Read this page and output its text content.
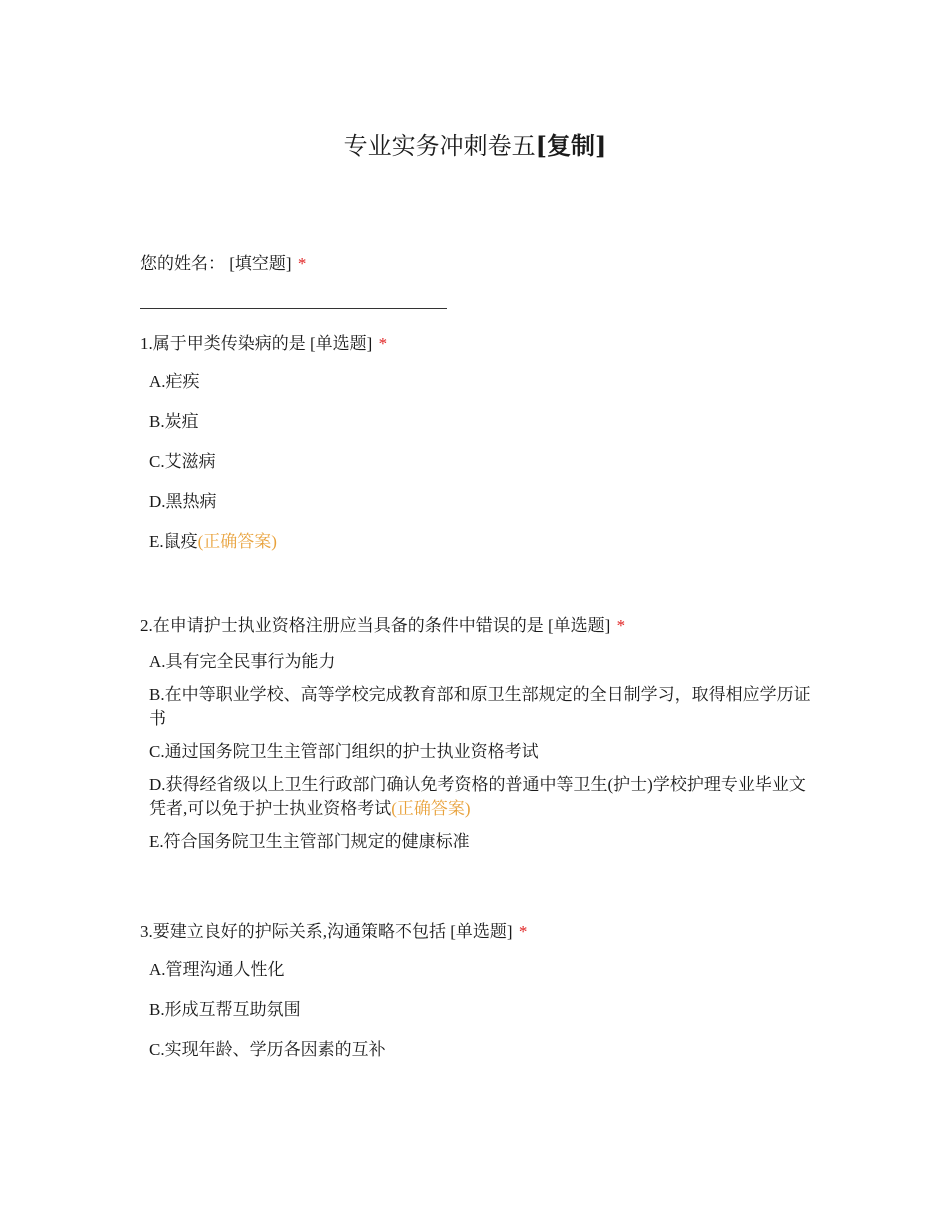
专业实务冲刺卷五[复制]
您的姓名： [填空题] *
1.属于甲类传染病的是 [单选题] *
A.疟疾
B.炭疽
C.艾滋病
D.黑热病
E.鼠疫(正确答案)
2.在申请护士执业资格注册应当具备的条件中错误的是 [单选题] *
A.具有完全民事行为能力
B.在中等职业学校、高等学校完成教育部和原卫生部规定的全日制学习，取得相应学历证书
C.通过国务院卫生主管部门组织的护士执业资格考试
D.获得经省级以上卫生行政部门确认免考资格的普通中等卫生(护士)学校护理专业毕业文凭者,可以免于护士执业资格考试(正确答案)
E.符合国务院卫生主管部门规定的健康标准
3.要建立良好的护际关系,沟通策略不包括 [单选题] *
A.管理沟通人性化
B.形成互帮互助氛围
C.实现年龄、学历各因素的互补
